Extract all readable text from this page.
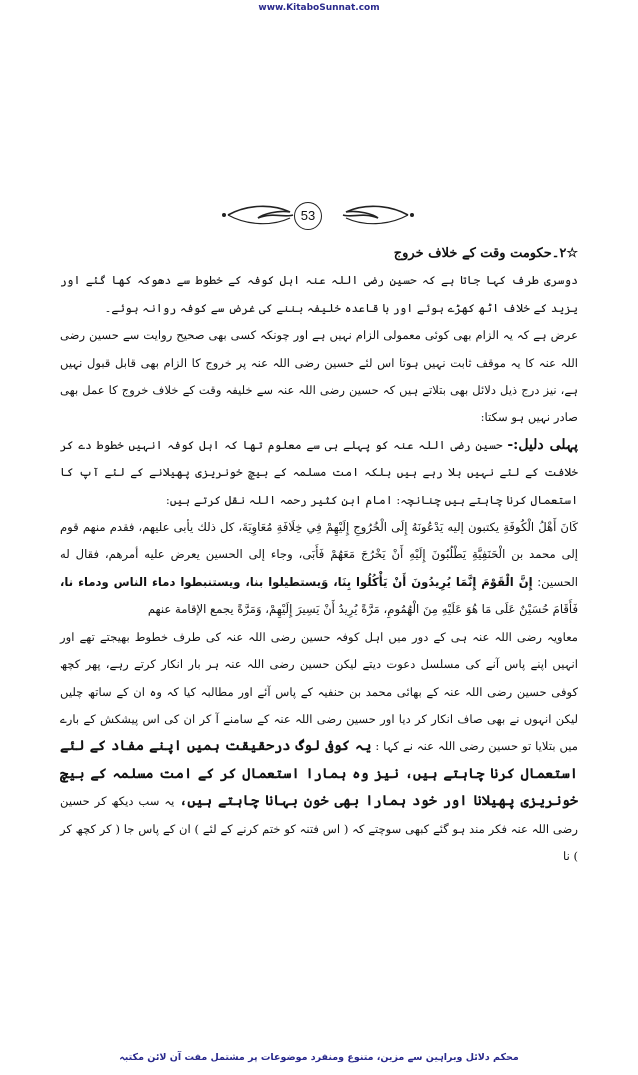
www.KitaboSunnat.com
53

☆۲۔حکومت وقت کے خلاف خروج

دوسری طرف کہا جاتا ہے کہ حسین رضی اللہ عنہ اہل کوفہ کے خطوط سے دھوکہ کھا گئے اور یزید کے خلاف اٹھ کھڑے ہوئے اور با قاعدہ خلیفہ بننے کی غرض سے کوفہ روانہ ہوئے۔

عرض ہے کہ یہ الزام بھی کوئی معمولی الزام نہیں ہے اور چونکہ کسی بھی صحیح روایت سے حسین رضی اللہ عنہ کا یہ موقف ثابت نہیں ہوتا اس لئے حسین رضی اللہ عنہ پر خروج کا الزام بھی قابل قبول نہیں ہے، نیز درج ذیل دلائل بھی بتلاتے ہیں کہ حسین رضی اللہ عنہ سے خلیفہ وقت کے خلاف خروج کا عمل بھی صادر نہیں ہو سکتا:

پہلی دلیل:- حسین رضی اللہ عنہ کو پہلے ہی سے معلوم تھا کہ اہل کوفہ انہیں خطوط دے کر خلافت کے لئے نہیں بلا رہے ہیں بلکہ امت مسلمہ کے بیچ خونریزی پھیلانے کے لئے آپ کا استعمال کرنا چاہتے ہیں چنانچہ: امام ابن کثیر رحمہ اللہ نقل کرتے ہیں:

كَانَ أَهْلُ الْكُوفَةِ يكتبون إليه يَدْعُونَهُ إِلَى الْخُرُوجِ إِلَيْهِمْ فِي خِلَافَةِ مُعَاوِيَةَ، كل ذلك يأبى عليهم، فقدم منهم قوم إلى محمد بن الْحَنَفِيَّةِ يَطْلُبُونَ إِلَيْهِ أَنْ يَخْرُجَ مَعَهُمْ فَأَبَى، وجاء إلى الحسين يعرض عليه أمرهم، فقال له الحسين: إِنَّ الْقَوْمَ إِنَّمَا يُرِيدُونَ أَنْ يَأْكُلُوا بِنَا، وَيستطيلوا بنا، ويستنبطوا دماء الناس ودماء نا، فَأَقَامَ حُسَيْنٌ عَلَى مَا هُوَ عَلَيْهِ مِنَ الْهُمُومِ، مَرَّةً يُرِيدُ أَنْ يَسِيرَ إِلَيْهِمْ، وَمَرَّةً يجمع الإقامة عنهم

معاویہ رضی اللہ عنہ ہی کے دور میں اہل کوفہ حسین رضی اللہ عنہ کی طرف خطوط بھیجتے تھے اور انہیں اپنے پاس آنے کی مسلسل دعوت دیتے لیکن حسین رضی اللہ عنہ ہر بار انکار کرتے رہے، پھر کچھ کوفی حسین رضی اللہ عنہ کے بھائی محمد بن حنفیہ کے پاس آئے اور مطالبہ کیا کہ وہ ان کے ساتھ چلیں لیکن انہوں نے بھی صاف انکار کر دیا اور حسین رضی اللہ عنہ کے سامنے آ کر ان کی اس پیشکش کے بارے میں بتلایا تو حسین رضی اللہ عنہ نے کہا : یہ کوفی لوگ درحقیقت ہمیں اپنے مفاد کے لئے استعمال کرنا چاہتے ہیں، نیز وہ ہمارا استعمال کر کے امت مسلمہ کے بیچ خونریزی پھیلانا اور خود ہمارا بھی خون بہانا چاہتے ہیں، یہ سب دیکھ کر حسین رضی اللہ عنہ فکر مند ہو گئے کبھی سوچتے کہ ( اس فتنہ کو ختم کرنے کے لئے ) ان کے پاس جا ( کر کچھ کر ) نا

محکم دلائل وبراہین سے مزین، متنوع ومنفرد موضوعات پر مشتمل مفت آن لائن مکتبہ
